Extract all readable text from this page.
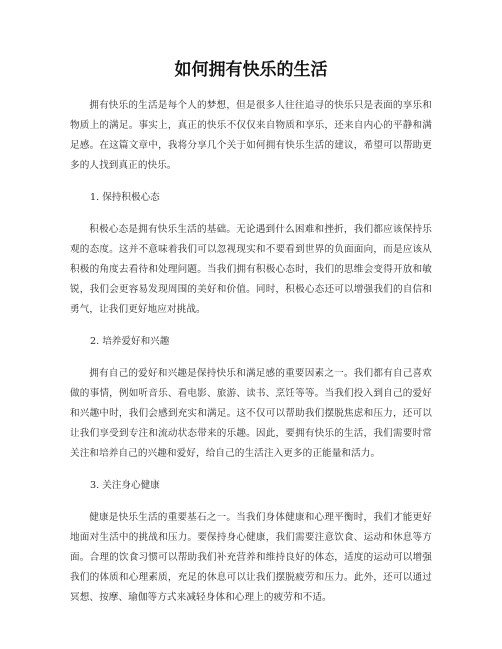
如何拥有快乐的生活

拥有快乐的生活是每个人的梦想，但是很多人往往追寻的快乐只是表面的享乐和物质上的满足。事实上，真正的快乐不仅仅来自物质和享乐，还来自内心的平静和满足感。在这篇文章中，我将分享几个关于如何拥有快乐生活的建议，希望可以帮助更多的人找到真正的快乐。

1. 保持积极心态

积极心态是拥有快乐生活的基础。无论遇到什么困难和挫折，我们都应该保持乐观的态度。这并不意味着我们可以忽视现实和不要看到世界的负面面向，而是应该从积极的角度去看待和处理问题。当我们拥有积极心态时，我们的思维会变得开放和敏锐，我们会更容易发现周围的美好和价值。同时，积极心态还可以增强我们的自信和勇气，让我们更好地应对挑战。

2. 培养爱好和兴趣

拥有自己的爱好和兴趣是保持快乐和满足感的重要因素之一。我们都有自己喜欢做的事情，例如听音乐、看电影、旅游、读书、烹饪等等。当我们投入到自己的爱好和兴趣中时，我们会感到充实和满足。这不仅可以帮助我们摆脱焦虑和压力，还可以让我们享受到专注和流动状态带来的乐趣。因此，要拥有快乐的生活，我们需要时常关注和培养自己的兴趣和爱好，给自己的生活注入更多的正能量和活力。

3. 关注身心健康

健康是快乐生活的重要基石之一。当我们身体健康和心理平衡时，我们才能更好地面对生活中的挑战和压力。要保持身心健康，我们需要注意饮食、运动和休息等方面。合理的饮食习惯可以帮助我们补充营养和维持良好的体态，适度的运动可以增强我们的体质和心理素质，充足的休息可以让我们摆脱疲劳和压力。此外，还可以通过冥想、按摩、瑜伽等方式来减轻身体和心理上的疲劳和不适。
